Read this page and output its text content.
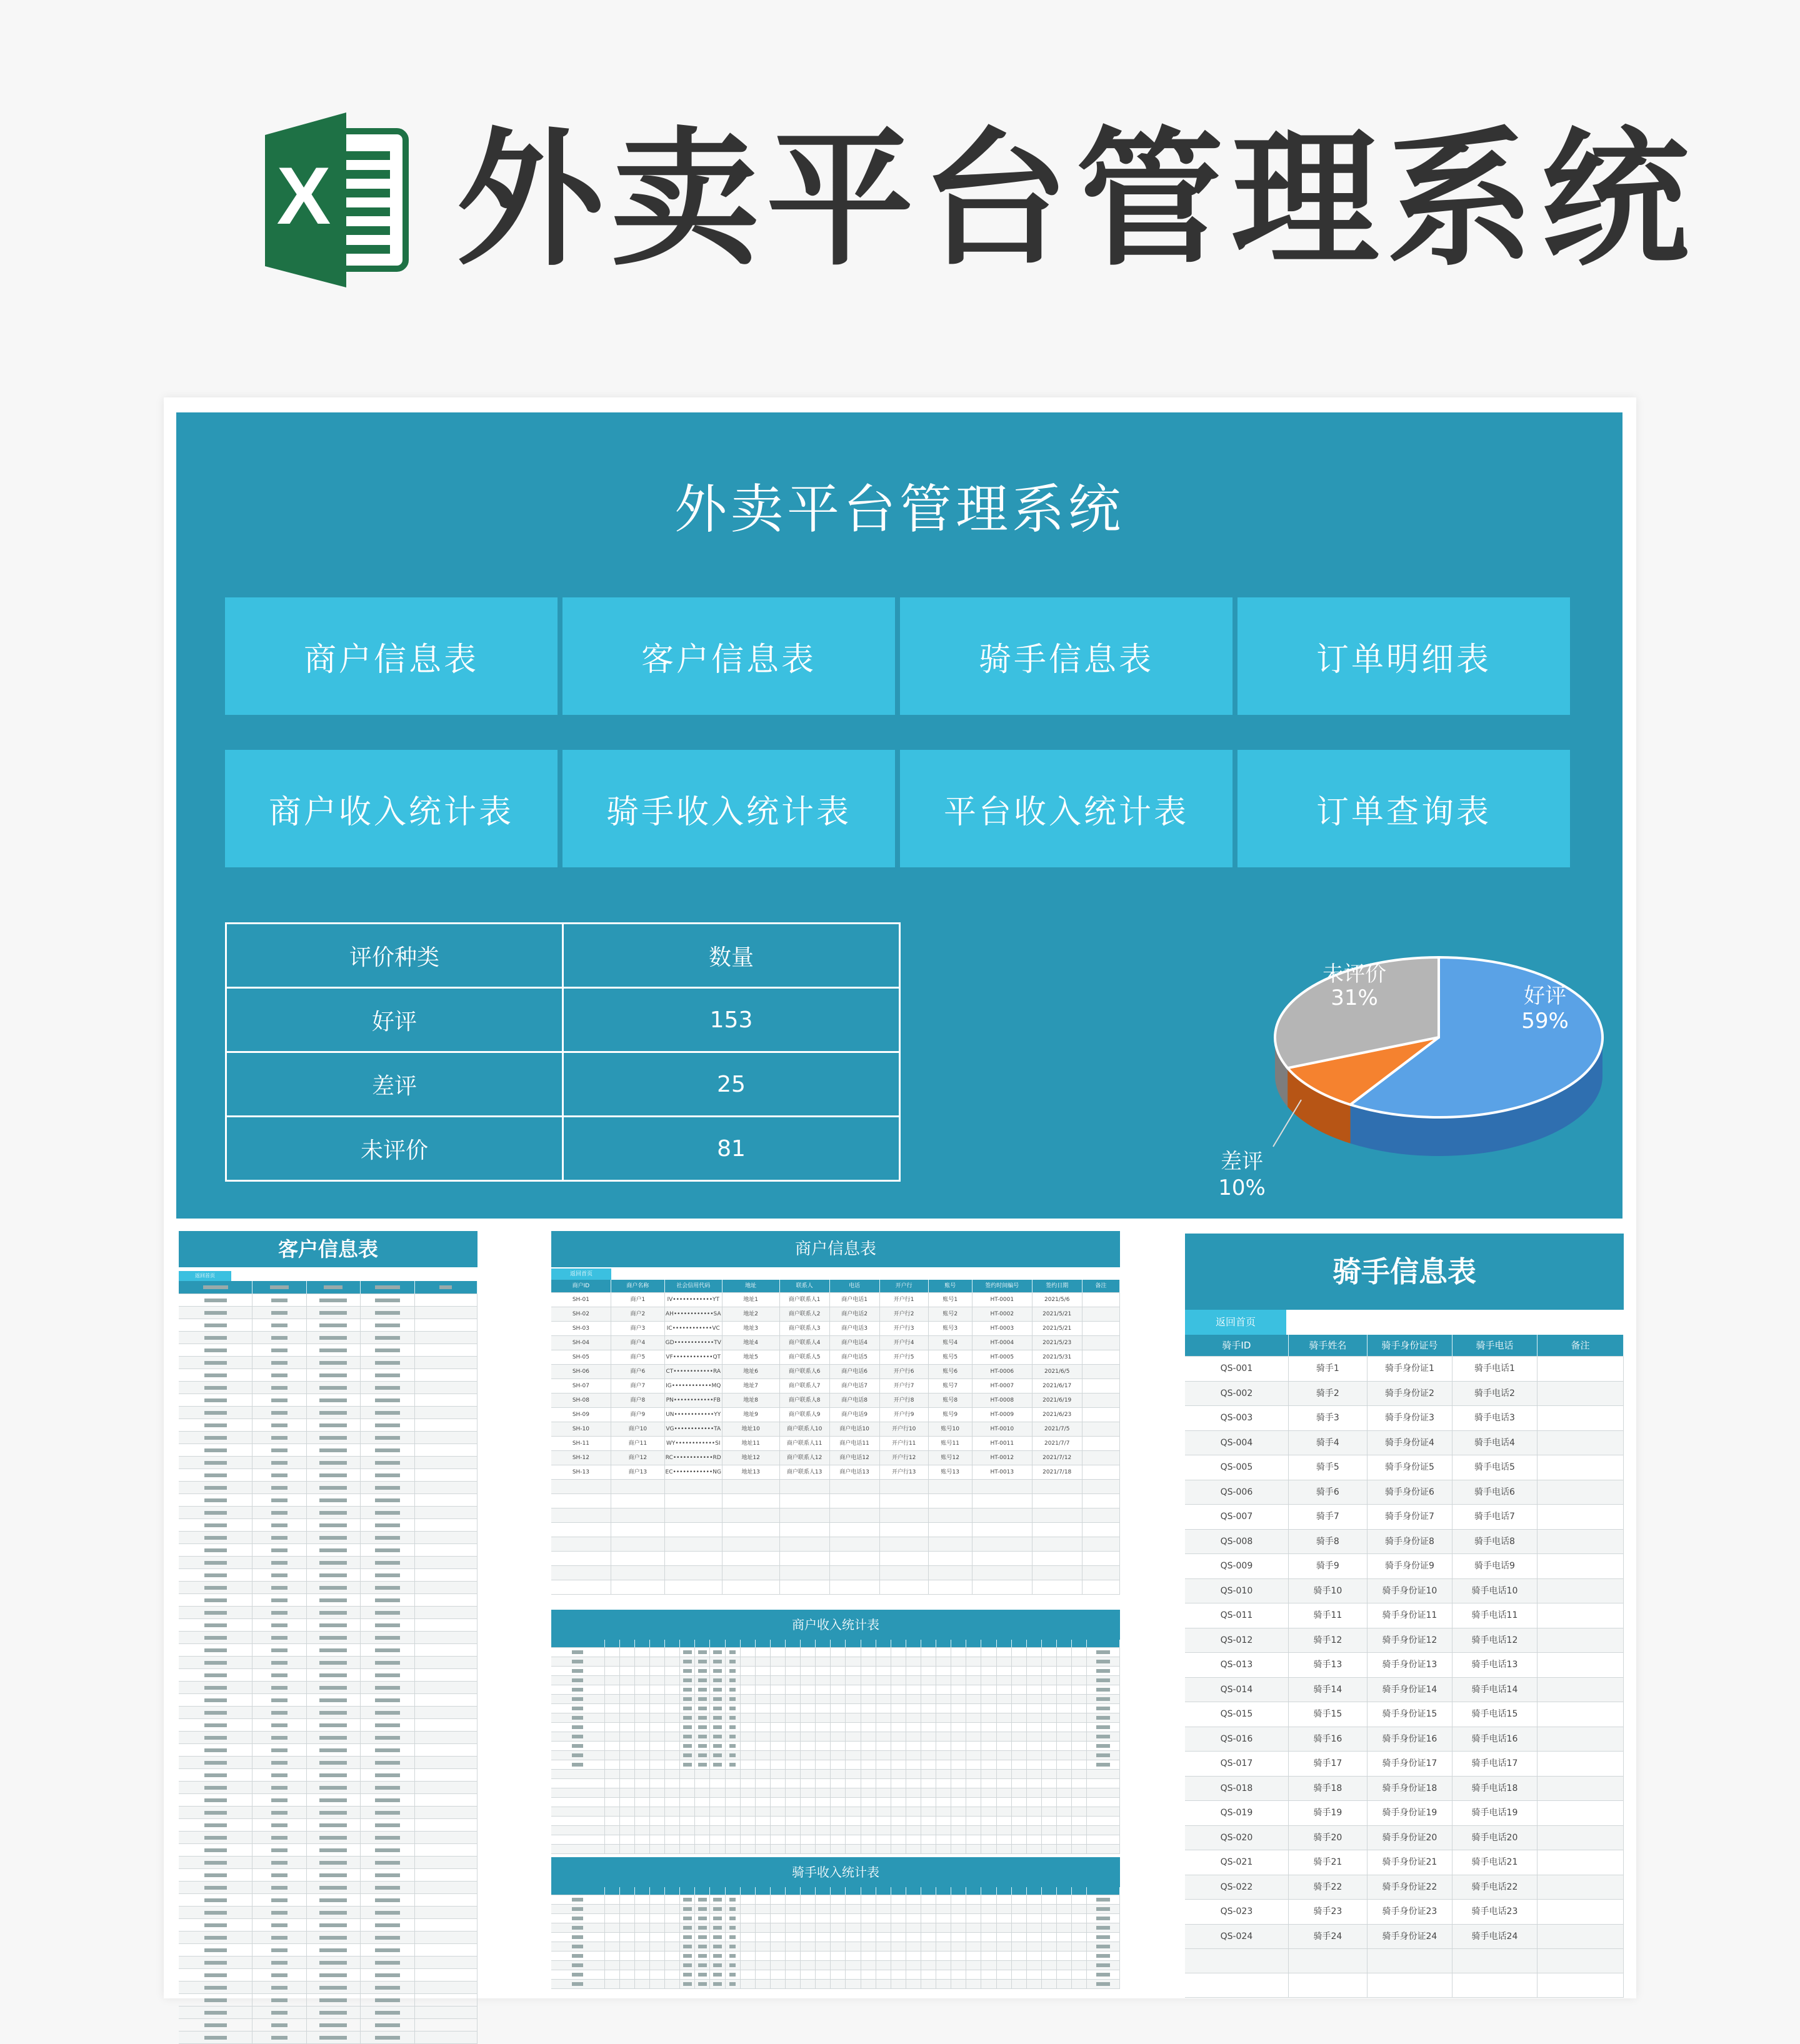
X 外卖平台管理系统
外卖平台管理系统
商户信息表	客户信息表	骑手信息表	订单明细表
商户收入统计表	骑手收入统计表	平台收入统计表	订单查询表
评价种类	数量
好评	153
差评	25
未评价	81
好评
59%
差评
10%
未评价
31%
客户信息表
返回首页
商户信息表
返回首页
商户ID	商户名称	社会信用代码	地址	联系人	电话	开户行	账号	签约时间编号	签约日期	备注
SH-01	商户1	IV••••••••••••YT	地址1	商户联系人1	商户电话1	开户行1	账号1	HT-0001	2021/5/6
SH-02	商户2	AH••••••••••••SA	地址2	商户联系人2	商户电话2	开户行2	账号2	HT-0002	2021/5/21
SH-03	商户3	IC••••••••••••VC	地址3	商户联系人3	商户电话3	开户行3	账号3	HT-0003	2021/5/21
SH-04	商户4	GD••••••••••••TV	地址4	商户联系人4	商户电话4	开户行4	账号4	HT-0004	2021/5/23
SH-05	商户5	VF••••••••••••QT	地址5	商户联系人5	商户电话5	开户行5	账号5	HT-0005	2021/5/31
SH-06	商户6	CT••••••••••••RA	地址6	商户联系人6	商户电话6	开户行6	账号6	HT-0006	2021/6/5
SH-07	商户7	IG••••••••••••MQ	地址7	商户联系人7	商户电话7	开户行7	账号7	HT-0007	2021/6/17
SH-08	商户8	PN••••••••••••FB	地址8	商户联系人8	商户电话8	开户行8	账号8	HT-0008	2021/6/19
SH-09	商户9	UN••••••••••••YY	地址9	商户联系人9	商户电话9	开户行9	账号9	HT-0009	2021/6/23
SH-10	商户10	VG••••••••••••TA	地址10	商户联系人10	商户电话10	开户行10	账号10	HT-0010	2021/7/5
SH-11	商户11	WY••••••••••••SI	地址11	商户联系人11	商户电话11	开户行11	账号11	HT-0011	2021/7/7
SH-12	商户12	RC••••••••••••RD	地址12	商户联系人12	商户电话12	开户行12	账号12	HT-0012	2021/7/12
SH-13	商户13	EC••••••••••••NG	地址13	商户联系人13	商户电话13	开户行13	账号13	HT-0013	2021/7/18
商户收入统计表
骑手收入统计表
骑手信息表
返回首页
骑手ID	骑手姓名	骑手身份证号	骑手电话	备注
QS-001	骑手1	骑手身份证1	骑手电话1
QS-002	骑手2	骑手身份证2	骑手电话2
QS-003	骑手3	骑手身份证3	骑手电话3
QS-004	骑手4	骑手身份证4	骑手电话4
QS-005	骑手5	骑手身份证5	骑手电话5
QS-006	骑手6	骑手身份证6	骑手电话6
QS-007	骑手7	骑手身份证7	骑手电话7
QS-008	骑手8	骑手身份证8	骑手电话8
QS-009	骑手9	骑手身份证9	骑手电话9
QS-010	骑手10	骑手身份证10	骑手电话10
QS-011	骑手11	骑手身份证11	骑手电话11
QS-012	骑手12	骑手身份证12	骑手电话12
QS-013	骑手13	骑手身份证13	骑手电话13
QS-014	骑手14	骑手身份证14	骑手电话14
QS-015	骑手15	骑手身份证15	骑手电话15
QS-016	骑手16	骑手身份证16	骑手电话16
QS-017	骑手17	骑手身份证17	骑手电话17
QS-018	骑手18	骑手身份证18	骑手电话18
QS-019	骑手19	骑手身份证19	骑手电话19
QS-020	骑手20	骑手身份证20	骑手电话20
QS-021	骑手21	骑手身份证21	骑手电话21
QS-022	骑手22	骑手身份证22	骑手电话22
QS-023	骑手23	骑手身份证23	骑手电话23
QS-024	骑手24	骑手身份证24	骑手电话24
